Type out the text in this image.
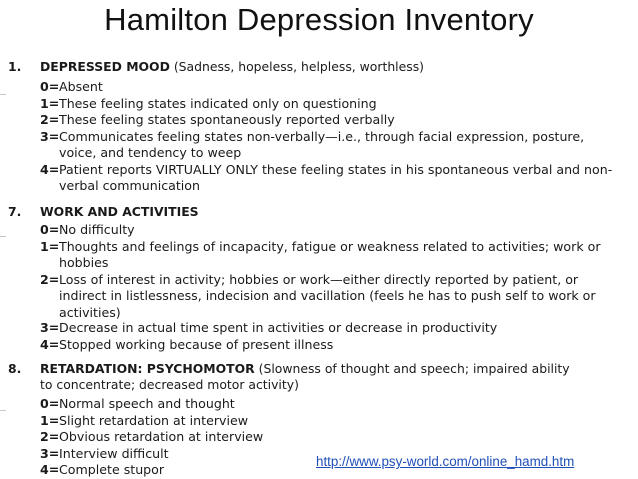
Hamilton Depression Inventory
1. DEPRESSED MOOD (Sadness, hopeless, helpless, worthless)
0=Absent
1=These feeling states indicated only on questioning
2=These feeling states spontaneously reported verbally
3=Communicates feeling states non-verbally—i.e., through facial expression, posture,
voice, and tendency to weep
4=Patient reports VIRTUALLY ONLY these feeling states in his spontaneous verbal and non-
verbal communication
7. WORK AND ACTIVITIES
0=No difficulty
1=Thoughts and feelings of incapacity, fatigue or weakness related to activities; work or
hobbies
2=Loss of interest in activity; hobbies or work—either directly reported by patient, or
indirect in listlessness, indecision and vacillation (feels he has to push self to work or
activities)
3=Decrease in actual time spent in activities or decrease in productivity
4=Stopped working because of present illness
8. RETARDATION: PSYCHOMOTOR (Slowness of thought and speech; impaired ability
to concentrate; decreased motor activity)
0=Normal speech and thought
1=Slight retardation at interview
2=Obvious retardation at interview
3=Interview difficult
4=Complete stupor	http://www.psy-world.com/online_hamd.htm
